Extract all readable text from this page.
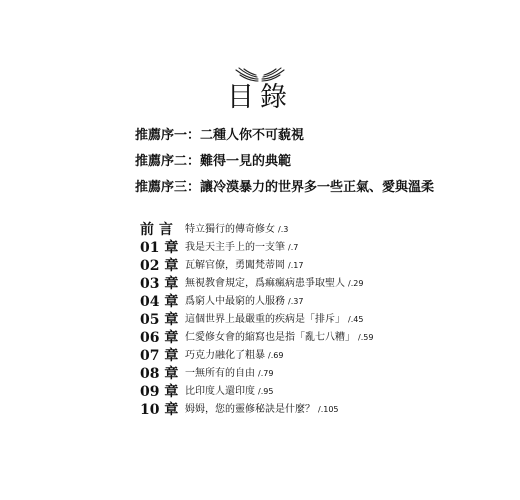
目錄
推薦序一：二種人你不可藐視
推薦序二：難得一見的典範
推薦序三：讓冷漠暴力的世界多一些正氣、愛與溫柔
前 言	特立獨行的傳奇修女 /.3
01 章 我是天主手上的一支筆 /.7
02 章 瓦解官僚，勇闖梵蒂岡 /.17
03 章 無視教會規定，爲痲瘋病患爭取聖人 /.29
04 章 爲窮人中最窮的人服務 /.37
05 章 這個世界上最嚴重的疾病是「排斥」 /.45
06 章 仁愛修女會的縮寫也是指「亂七八糟」 /.59
07 章 巧克力融化了粗暴 /.69
08 章 一無所有的自由 /.79
09 章 比印度人還印度 /.95
10 章 姆姆，您的靈修秘訣是什麼？ /.105
